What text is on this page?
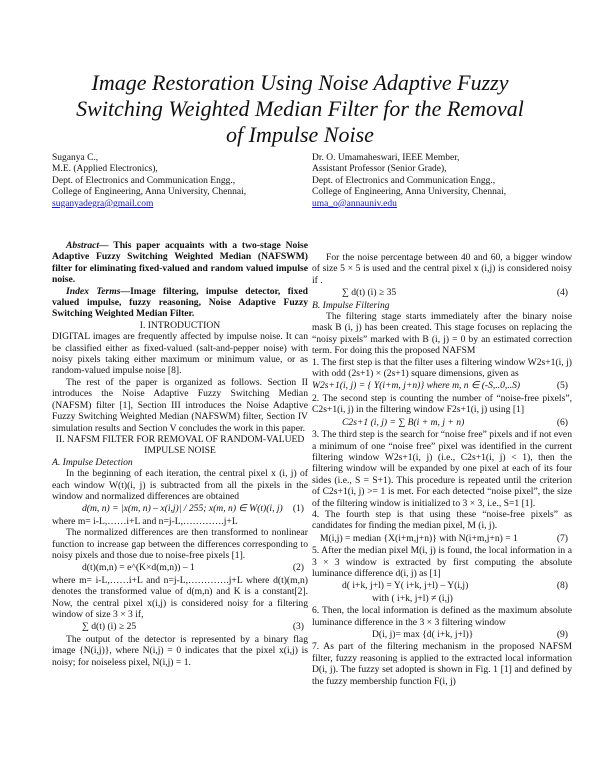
Image Restoration Using Noise Adaptive Fuzzy
Switching Weighted Median Filter for the Removal
of Impulse Noise
Suganya C.,
M.E. (Applied Electronics),
Dept. of Electronics and Communication Engg.,
College of Engineering, Anna University, Chennai,
suganyadegra@gmail.com
Dr. O. Umamaheswari, IEEE Member,
Assistant Professor (Senior Grade),
Dept. of Electronics and Communication Engg.,
College of Engineering, Anna University, Chennai,
uma_o@annauniv.edu

Abstract— This paper acquaints with a two-stage Noise Adaptive Fuzzy Switching Weighted Median (NAFSWM) filter for eliminating fixed-valued and random valued impulse noise.

Index Terms—Image filtering, impulse detector, fixed valued impulse, fuzzy reasoning, Noise Adaptive Fuzzy Switching Weighted Median Filter.

I. INTRODUCTION

DIGITAL images are frequently affected by impulse noise. It can be classified either as fixed-valued (salt-and-pepper noise) with noisy pixels taking either maximum or minimum value, or as random-valued impulse noise [8].

The rest of the paper is organized as follows. Section II introduces the Noise Adaptive Fuzzy Switching Median (NAFSM) filter [1], Section III introduces the Noise Adaptive Fuzzy Switching Weighted Median (NAFSWM) filter, Section IV simulation results and Section V concludes the work in this paper.

II. NAFSM FILTER FOR REMOVAL OF RANDOM-VALUED IMPULSE NOISE

A. Impulse Detection

In the beginning of each iteration, the central pixel x (i, j) of each window W(t)(i, j) is subtracted from all the pixels in the window and normalized differences are obtained

d(m, n) = |x(m, n) – x(i,j)| / 255; x(m, n) ∈ W(t)(i, j) (1)

where m= i-L,……i+L and n=j-L,………….j+L

The normalized differences are then transformed to nonlinear function to increase gap between the differences corresponding to noisy pixels and those due to noise-free pixels [1].

d(t)(m,n) = e^(K×d(m,n)) – 1	(2)

where m= i-L,……i+L and n=j-L,………….j+L where d(t)(m,n) denotes the transformed value of d(m,n) and K is a constant[2]. Now, the central pixel x(i,j) is considered noisy for a filtering window of size 3 × 3 if,

∑ d(t) (i) ≥ 25	(3)

The output of the detector is represented by a binary flag image {N(i,j)}, where N(i,j) = 0 indicates that the pixel x(i,j) is noisy; for noiseless pixel, N(i,j) = 1.

For the noise percentage between 40 and 60, a bigger window of size 5 × 5 is used and the central pixel x (i,j) is considered noisy if .

∑ d(t) (i) ≥ 35	(4)

B. Impulse Filtering

The filtering stage starts immediately after the binary noise mask B (i, j) has been created. This stage focuses on replacing the “noisy pixels” marked with B (i, j) = 0 by an estimated correction term. For doing this the proposed NAFSM

1. The first step is that the filter uses a filtering window W2s+1(i, j) with odd (2s+1) × (2s+1) square dimensions, given as

W2s+1(i, j) = { Y(i+m, j+n)} where m, n ∈ (-S,..0,..S)	(5)

2. The second step is counting the number of “noise-free pixels”, C2s+1(i, j) in the filtering window F2s+1(i, j) using [1]

C2s+1 (i, j) = ∑ B(i + m, j + n)	(6)

3. The third step is the search for “noise free” pixels and if not even a minimum of one “noise free” pixel was identified in the current filtering window W2s+1(i, j) (i.e., C2s+1(i, j) < 1), then the filtering window will be expanded by one pixel at each of its four sides (i.e., S = S+1). This procedure is repeated until the criterion of C2s+1(i, j) >= 1 is met. For each detected “noise pixel”, the size of the filtering window is initialized to 3 × 3, i.e., S=1 [1].

4. The fourth step is that using these “noise-free pixels” as candidates for finding the median pixel, M (i, j).

M(i,j) = median {X(i+m,j+n)} with N(i+m,j+n) = 1	(7)

5. After the median pixel M(i, j) is found, the local information in a 3 × 3 window is extracted by first computing the absolute luminance difference d(i, j) as [1]

d( i+k, j+l) = Y( i+k, j+l) – Y(i,j)	(8)
with ( i+k, j+l) ≠ (i,j)

6. Then, the local information is defined as the maximum absolute luminance difference in the 3 × 3 filtering window

D(i, j)= max {d( i+k, j+l)}	(9)

7. As part of the filtering mechanism in the proposed NAFSM filter, fuzzy reasoning is applied to the extracted local information D(i, j). The fuzzy set adopted is shown in Fig. 1 [1] and defined by the fuzzy membership function F(i, j)
